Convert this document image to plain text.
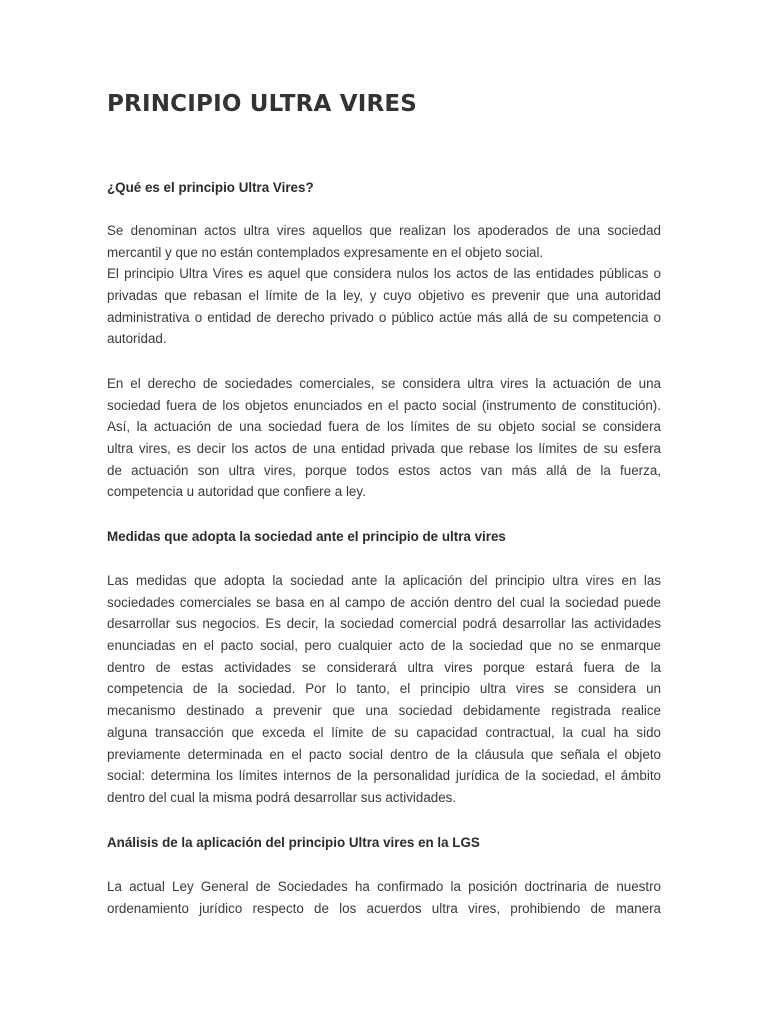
PRINCIPIO ULTRA VIRES
¿Qué es el principio Ultra Vires?
Se denominan actos ultra vires aquellos que realizan los apoderados de una sociedad
mercantil y que no están contemplados expresamente en el objeto social.
El principio Ultra Vires es aquel que considera nulos los actos de las entidades públicas o
privadas que rebasan el límite de la ley, y cuyo objetivo es prevenir que una autoridad
administrativa o entidad de derecho privado o público actúe más allá de su competencia o
autoridad.
En el derecho de sociedades comerciales, se considera ultra vires la actuación de una
sociedad fuera de los objetos enunciados en el pacto social (instrumento de constitución).
Así, la actuación de una sociedad fuera de los límites de su objeto social se considera
ultra vires, es decir los actos de una entidad privada que rebase los límites de su esfera
de actuación son ultra vires, porque todos estos actos van más allá de la fuerza,
competencia u autoridad que confiere a ley.
Medidas que adopta la sociedad ante el principio de ultra vires
Las medidas que adopta la sociedad ante la aplicación del principio ultra vires en las
sociedades comerciales se basa en al campo de acción dentro del cual la sociedad puede
desarrollar sus negocios. Es decir, la sociedad comercial podrá desarrollar las actividades
enunciadas en el pacto social, pero cualquier acto de la sociedad que no se enmarque
dentro de estas actividades se considerará ultra vires porque estará fuera de la
competencia de la sociedad. Por lo tanto, el principio ultra vires se considera un
mecanismo destinado a prevenir que una sociedad debidamente registrada realice
alguna transacción que exceda el límite de su capacidad contractual, la cual ha sido
previamente determinada en el pacto social dentro de la cláusula que señala el objeto
social: determina los límites internos de la personalidad jurídica de la sociedad, el ámbito
dentro del cual la misma podrá desarrollar sus actividades.
Análisis de la aplicación del principio Ultra vires en la LGS
La actual Ley General de Sociedades ha confirmado la posición doctrinaria de nuestro
ordenamiento jurídico respecto de los acuerdos ultra vires, prohibiendo de manera
